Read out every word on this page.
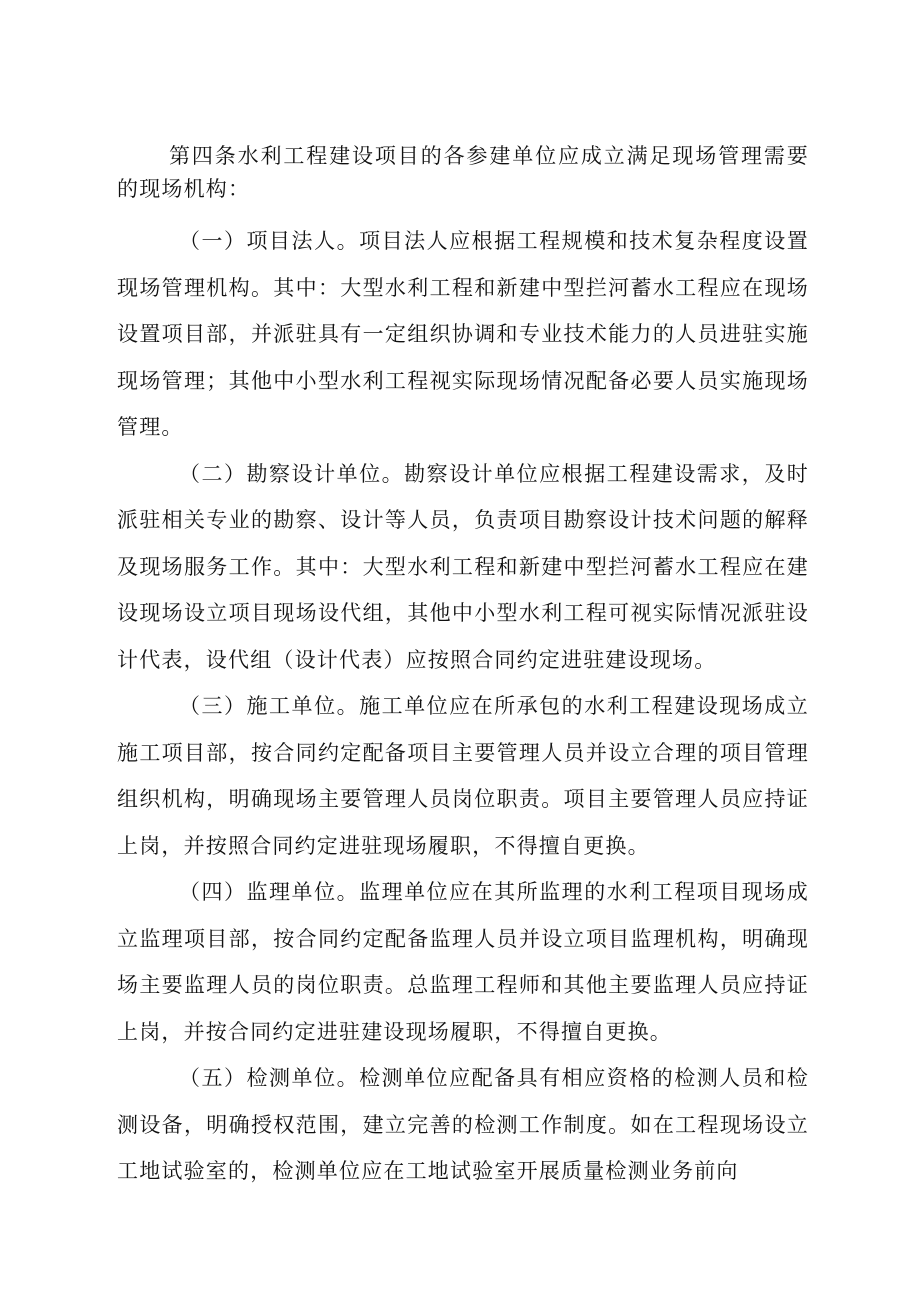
第四条水利工程建设项目的各参建单位应成立满足现场管理需要的现场机构：

（一）项目法人。项目法人应根据工程规模和技术复杂程度设置现场管理机构。其中：大型水利工程和新建中型拦河蓄水工程应在现场设置项目部，并派驻具有一定组织协调和专业技术能力的人员进驻实施现场管理；其他中小型水利工程视实际现场情况配备必要人员实施现场管理。

（二）勘察设计单位。勘察设计单位应根据工程建设需求，及时派驻相关专业的勘察、设计等人员，负责项目勘察设计技术问题的解释及现场服务工作。其中：大型水利工程和新建中型拦河蓄水工程应在建设现场设立项目现场设代组，其他中小型水利工程可视实际情况派驻设计代表，设代组（设计代表）应按照合同约定进驻建设现场。

（三）施工单位。施工单位应在所承包的水利工程建设现场成立施工项目部，按合同约定配备项目主要管理人员并设立合理的项目管理组织机构，明确现场主要管理人员岗位职责。项目主要管理人员应持证上岗，并按照合同约定进驻现场履职，不得擅自更换。

（四）监理单位。监理单位应在其所监理的水利工程项目现场成立监理项目部，按合同约定配备监理人员并设立项目监理机构，明确现场主要监理人员的岗位职责。总监理工程师和其他主要监理人员应持证上岗，并按合同约定进驻建设现场履职，不得擅自更换。

（五）检测单位。检测单位应配备具有相应资格的检测人员和检测设备，明确授权范围，建立完善的检测工作制度。如在工程现场设立工地试验室的，检测单位应在工地试验室开展质量检测业务前向
